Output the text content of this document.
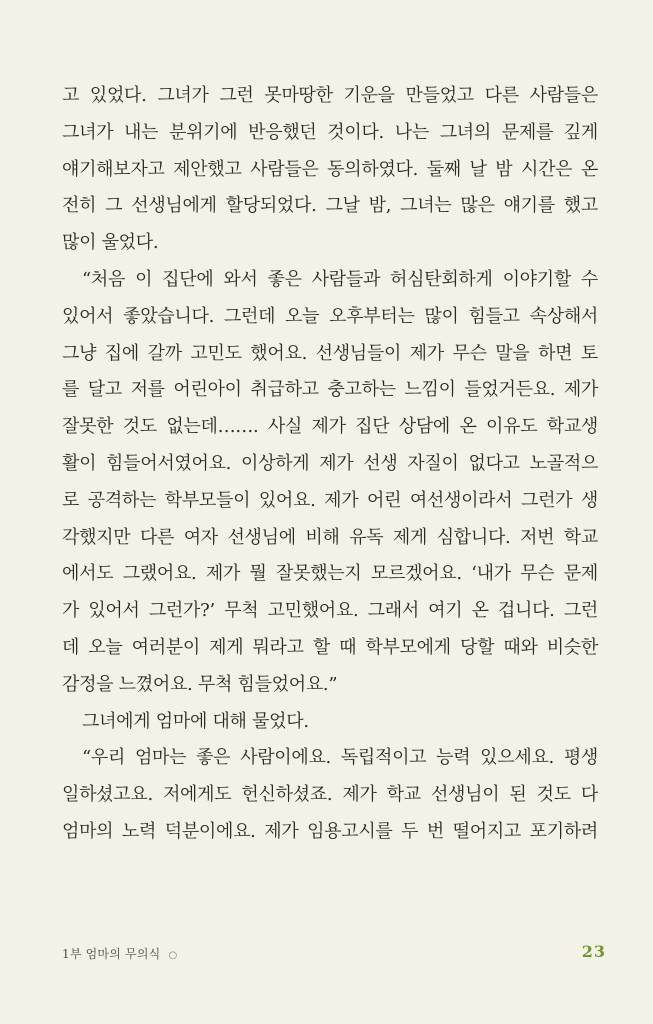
고 있었다. 그녀가 그런 못마땅한 기운을 만들었고 다른 사람들은
그녀가 내는 분위기에 반응했던 것이다. 나는 그녀의 문제를 깊게
얘기해보자고 제안했고 사람들은 동의하였다. 둘째 날 밤 시간은 온
전히 그 선생님에게 할당되었다. 그날 밤, 그녀는 많은 얘기를 했고
많이 울었다.
“처음 이 집단에 와서 좋은 사람들과 허심탄회하게 이야기할 수
있어서 좋았습니다. 그런데 오늘 오후부터는 많이 힘들고 속상해서
그냥 집에 갈까 고민도 했어요. 선생님들이 제가 무슨 말을 하면 토
를 달고 저를 어린아이 취급하고 충고하는 느낌이 들었거든요. 제가
잘못한 것도 없는데……. 사실 제가 집단 상담에 온 이유도 학교생
활이 힘들어서였어요. 이상하게 제가 선생 자질이 없다고 노골적으
로 공격하는 학부모들이 있어요. 제가 어린 여선생이라서 그런가 생
각했지만 다른 여자 선생님에 비해 유독 제게 심합니다. 저번 학교
에서도 그랬어요. 제가 뭘 잘못했는지 모르겠어요. ‘내가 무슨 문제
가 있어서 그런가?’ 무척 고민했어요. 그래서 여기 온 겁니다. 그런
데 오늘 여러분이 제게 뭐라고 할 때 학부모에게 당할 때와 비슷한
감정을 느꼈어요. 무척 힘들었어요.”
그녀에게 엄마에 대해 물었다.
“우리 엄마는 좋은 사람이에요. 독립적이고 능력 있으세요. 평생
일하셨고요. 저에게도 헌신하셨죠. 제가 학교 선생님이 된 것도 다
엄마의 노력 덕분이에요. 제가 임용고시를 두 번 떨어지고 포기하려
1부 엄마의 무의식 ○	23
